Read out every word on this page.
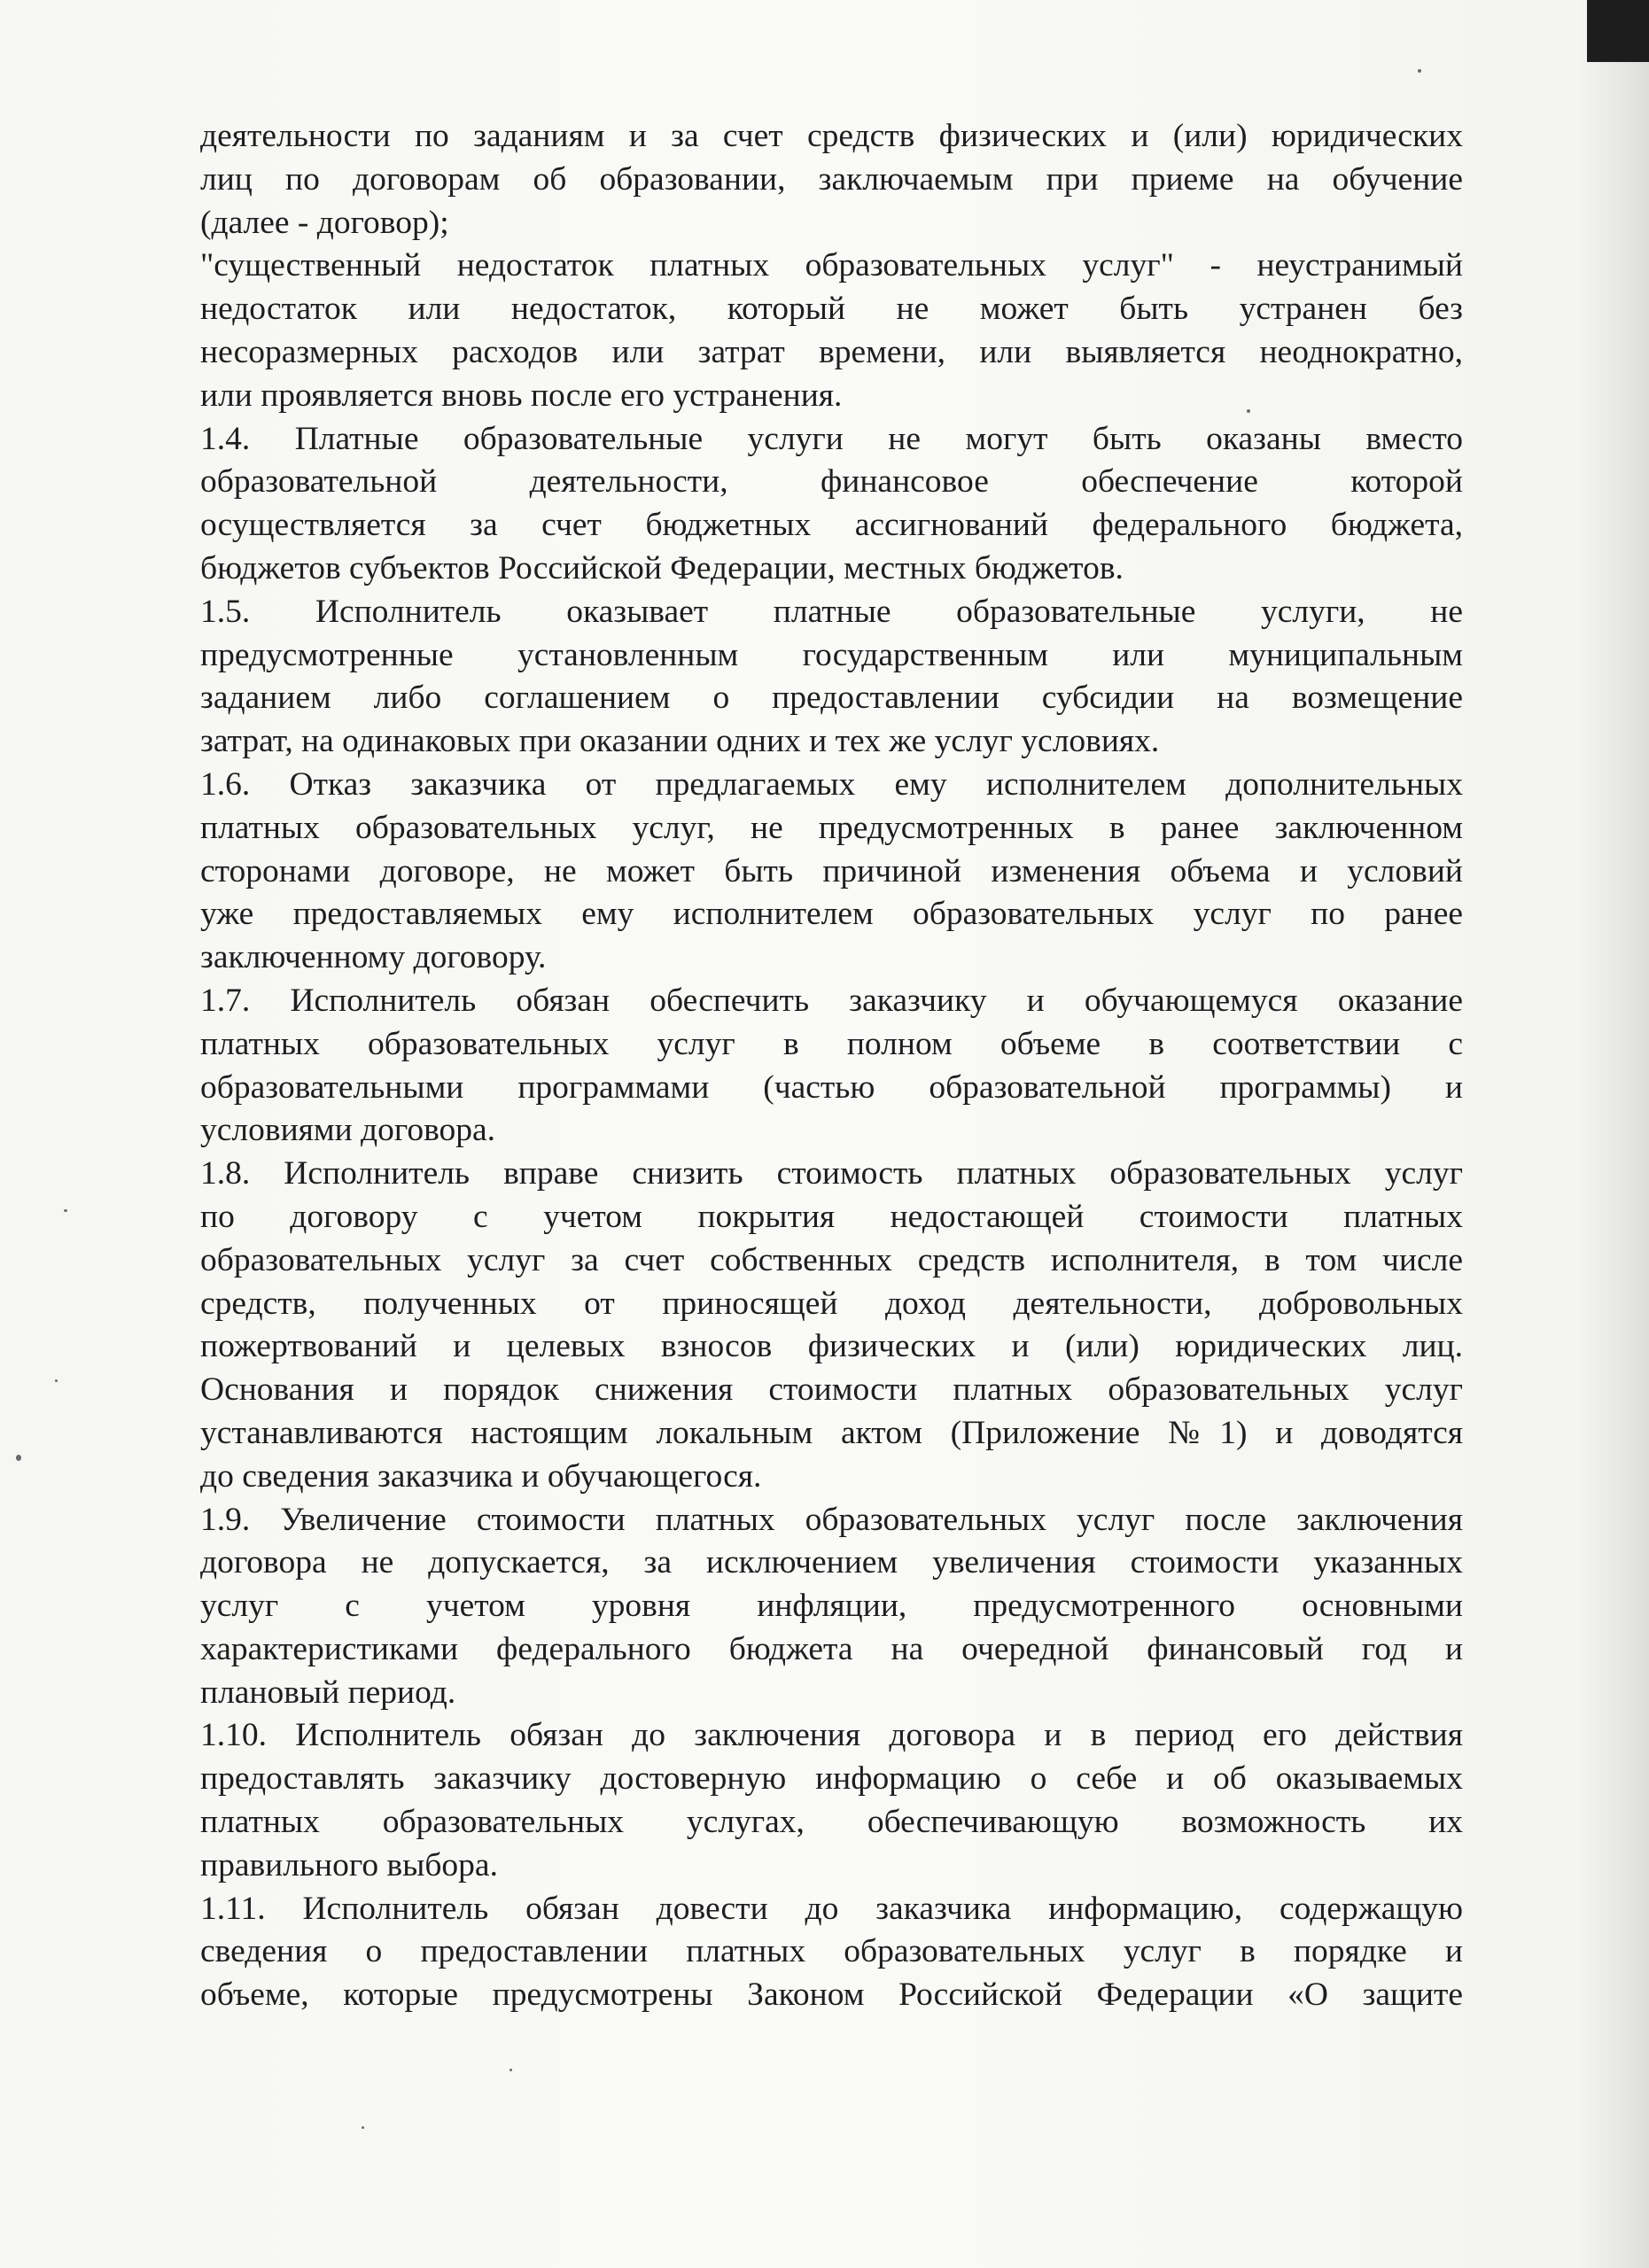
деятельности по заданиям и за счет средств физических и (или) юридических
лиц по договорам об образовании, заключаемым при приеме на обучение
(далее - договор);
"существенный недостаток платных образовательных услуг" - неустранимый
недостаток или недостаток, который не может быть устранен без
несоразмерных расходов или затрат времени, или выявляется неоднократно,
или проявляется вновь после его устранения.
1.4. Платные образовательные услуги не могут быть оказаны вместо
образовательной деятельности, финансовое обеспечение которой
осуществляется за счет бюджетных ассигнований федерального бюджета,
бюджетов субъектов Российской Федерации, местных бюджетов.
1.5. Исполнитель оказывает платные образовательные услуги, не
предусмотренные установленным государственным или муниципальным
заданием либо соглашением о предоставлении субсидии на возмещение
затрат, на одинаковых при оказании одних и тех же услуг условиях.
1.6. Отказ заказчика от предлагаемых ему исполнителем дополнительных
платных образовательных услуг, не предусмотренных в ранее заключенном
сторонами договоре, не может быть причиной изменения объема и условий
уже предоставляемых ему исполнителем образовательных услуг по ранее
заключенному договору.
1.7. Исполнитель обязан обеспечить заказчику и обучающемуся оказание
платных образовательных услуг в полном объеме в соответствии с
образовательными программами (частью образовательной программы) и
условиями договора.
1.8. Исполнитель вправе снизить стоимость платных образовательных услуг
по договору с учетом покрытия недостающей стоимости платных
образовательных услуг за счет собственных средств исполнителя, в том числе
средств, полученных от приносящей доход деятельности, добровольных
пожертвований и целевых взносов физических и (или) юридических лиц.
Основания и порядок снижения стоимости платных образовательных услуг
устанавливаются настоящим локальным актом (Приложение №1) и доводятся
до сведения заказчика и обучающегося.
1.9. Увеличение стоимости платных образовательных услуг после заключения
договора не допускается, за исключением увеличения стоимости указанных
услуг с учетом уровня инфляции, предусмотренного основными
характеристиками федерального бюджета на очередной финансовый год и
плановый период.
1.10. Исполнитель обязан до заключения договора и в период его действия
предоставлять заказчику достоверную информацию о себе и об оказываемых
платных образовательных услугах, обеспечивающую возможность их
правильного выбора.
1.11. Исполнитель обязан довести до заказчика информацию, содержащую
сведения о предоставлении платных образовательных услуг в порядке и
объеме, которые предусмотрены Законом Российской Федерации «О защите
